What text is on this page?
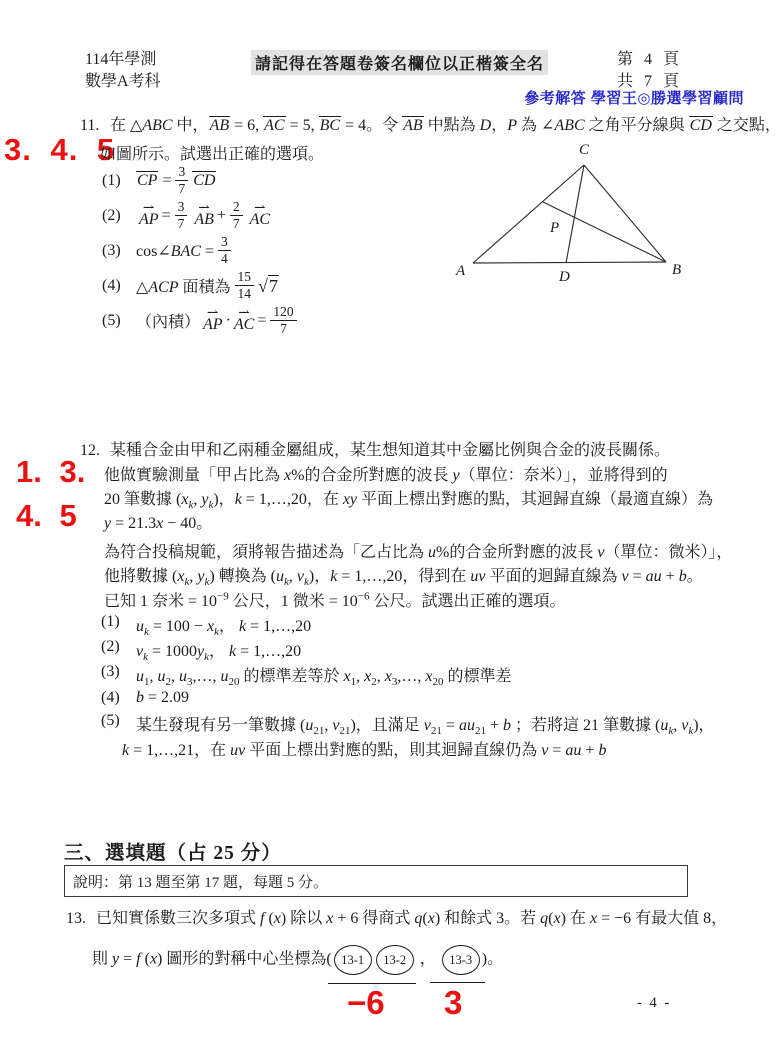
114年學測
數學A考科
請記得在答題卷簽名欄位以正楷簽全名	第 4 頁
共 7 頁
參考解答 學習王◎勝選學習顧問
3. 4. 5
1. 3.
4. 5
11. 在 △ABC 中，AB = 6, AC = 5, BC = 4。令 AB 中點為 D，P 為 ∠ABC 之角平分線與 CD 之交點，
如圖所示。試選出正確的選項。
(1)	CP = $\frac{3}{7}$ CD
(2)	AP ⇀ = $\frac{3}{7}$ AB ⇀ + $\frac{2}{7}$ AC ⇀
(3) cos∠BAC = $\frac{3}{4}$
(4) △ACP 面積為 $\frac{15}{14} √7$
(5) （內積） AP ⇀ · AC ⇀ = $\frac{120}{7}$
A	B
C
D
P
12. 某種合金由甲和乙兩種金屬組成，某生想知道其中金屬比例與合金的波長關係。
他做實驗測量「甲占比為 x%的合金所對應的波長 y（單位：奈米）」，並將得到的
20 筆數據 ($x_k$, $y_k$)，k = 1,…,20，在 xy 平面上標出對應的點，其迴歸直線（最適直線）為
y = 21.3x − 40。
為符合投稿規範，須將報告描述為「乙占比為 u%的合金所對應的波長 v（單位：微米）」，
他將數據 ($x_k$, $y_k$) 轉換為 ($u_k$, $v_k$)，k = 1,…,20，得到在 uv 平面的迴歸直線為 v = au + b。
已知 1 奈米 = $10^{-9}$ 公尺，1 微米 = $10^{-6}$ 公尺。試選出正確的選項。
(1) $u_k = 100 - x_k$， k = 1,…,20
(2) $v_k = 1000y_k$， k = 1,…,20
(3) $u_1$, $u_2$, $u_3,\dots$, $u_{20}$ 的標準差等於 $x_1$, $x_2$, $x_3,\dots$, $x_{20}$ 的標準差
(4) b = 2.09
(5) 某生發現有另一筆數據 ($u_{21}$, $v_{21}$)，且滿足 $v_{21} = au_{21} + b$ ；若將這 21 筆數據 ($u_k$, $v_k$)，
k = 1,…,21，在 uv 平面上標出對應的點，則其迴歸直線仍為 v = au + b
三、選填題（占 25 分）
說明：第 13 題至第 17 題，每題 5 分。
13. 已知實係數三次多項式 f (x) 除以 x + 6 得商式 q(x) 和餘式 3。若 q(x) 在 x = −6 有最大值 8，
則 y = f (x) 圖形的對稱中心坐標為( 13-1 13-2 ， 13-3 )。
−6 3	- 4 -
